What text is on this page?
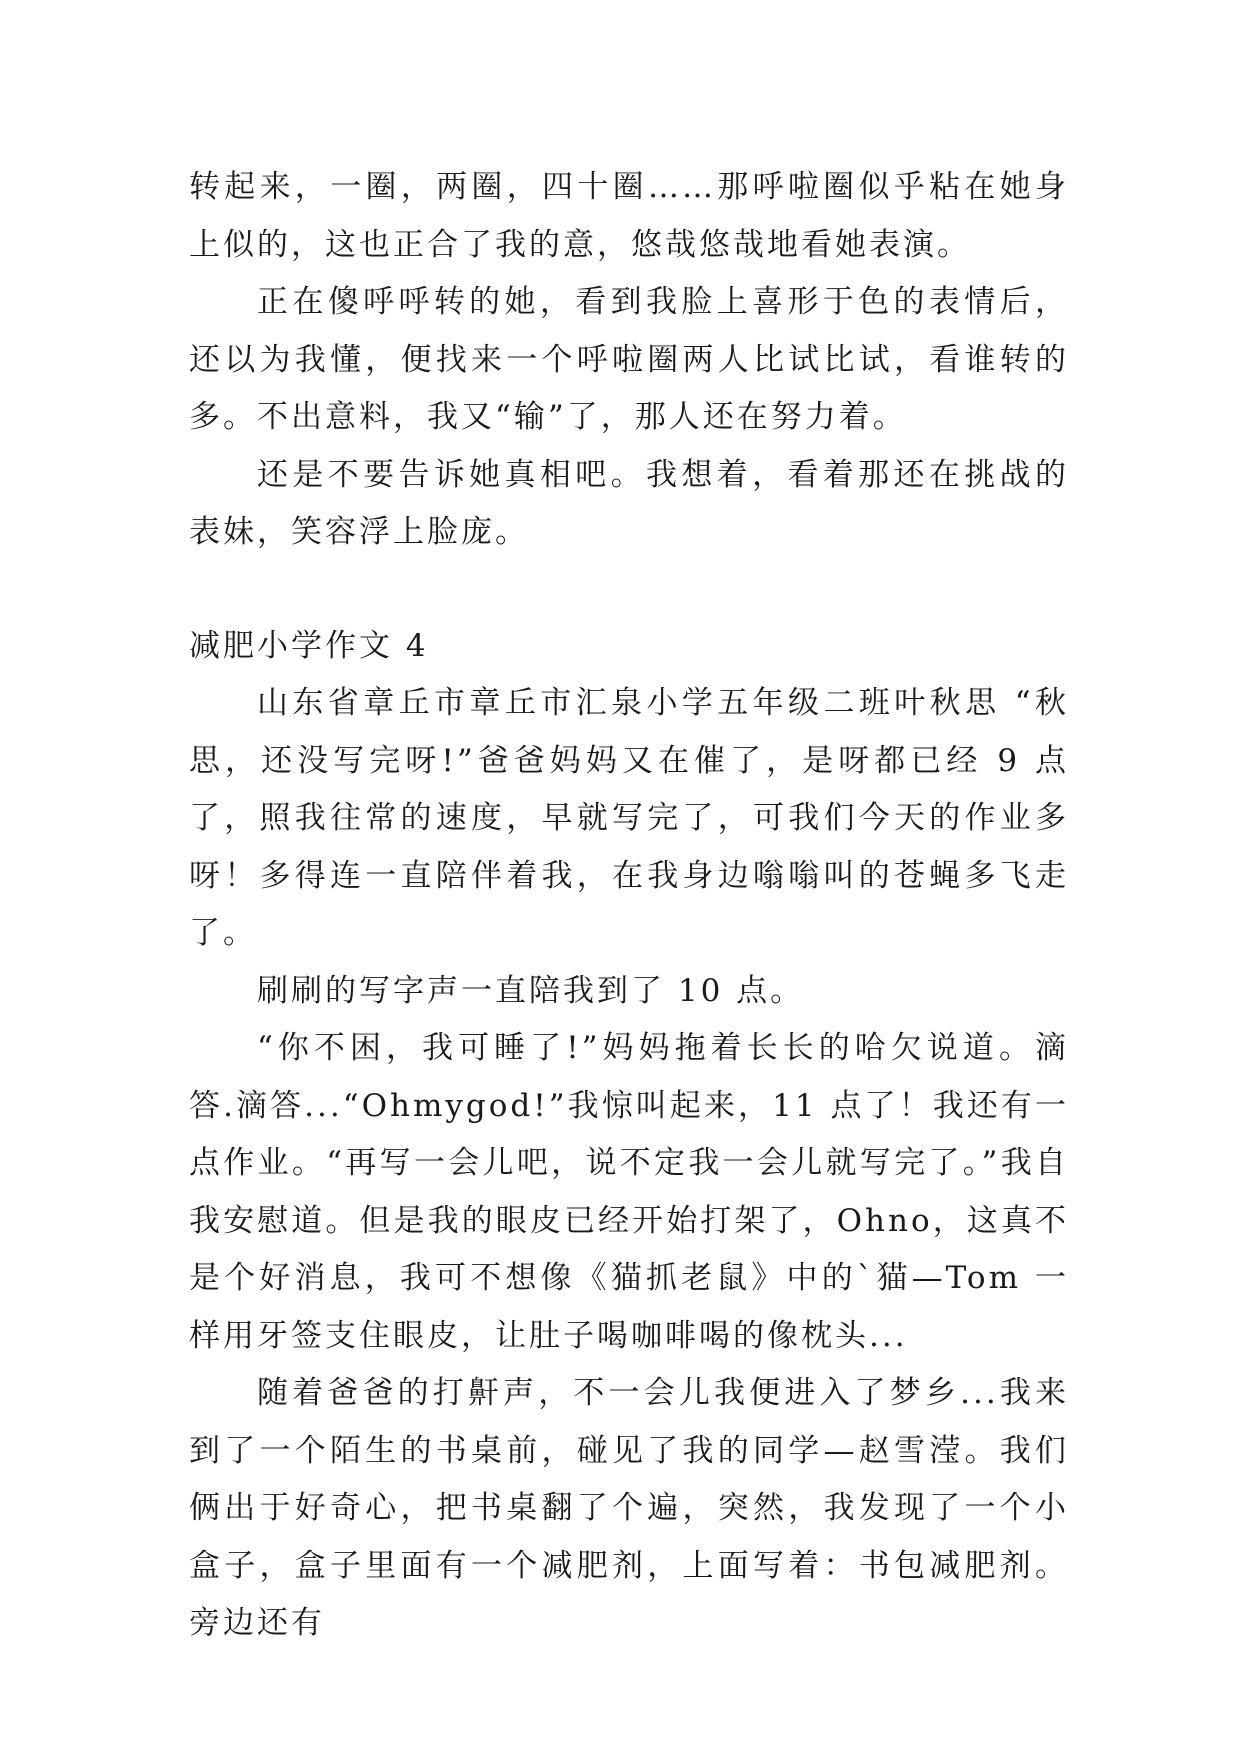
转起来，一圈，两圈，四十圈……那呼啦圈似乎粘在她身上似的，这也正合了我的意，悠哉悠哉地看她表演。

正在傻呼呼转的她，看到我脸上喜形于色的表情后，还以为我懂，便找来一个呼啦圈两人比试比试，看谁转的多。不出意料，我又“输”了，那人还在努力着。

还是不要告诉她真相吧。我想着，看着那还在挑战的表妹，笑容浮上脸庞。

减肥小学作文 4

山东省章丘市章丘市汇泉小学五年级二班叶秋思 “秋思，还没写完呀!”爸爸妈妈又在催了，是呀都已经 9 点了，照我往常的速度，早就写完了，可我们今天的作业多呀！多得连一直陪伴着我，在我身边嗡嗡叫的苍蝇多飞走了。

刷刷的写字声一直陪我到了 10 点。

“你不困，我可睡了!”妈妈拖着长长的哈欠说道。滴答.滴答...“Ohmygod!”我惊叫起来，11 点了！我还有一点作业。“再写一会儿吧，说不定我一会儿就写完了。”我自我安慰道。但是我的眼皮已经开始打架了，Ohno，这真不是个好消息，我可不想像《猫抓老鼠》中的`猫—Tom 一样用牙签支住眼皮，让肚子喝咖啡喝的像枕头...

随着爸爸的打鼾声，不一会儿我便进入了梦乡...我来到了一个陌生的书桌前，碰见了我的同学—赵雪滢。我们俩出于好奇心，把书桌翻了个遍，突然，我发现了一个小盒子，盒子里面有一个减肥剂，上面写着：书包减肥剂。旁边还有
